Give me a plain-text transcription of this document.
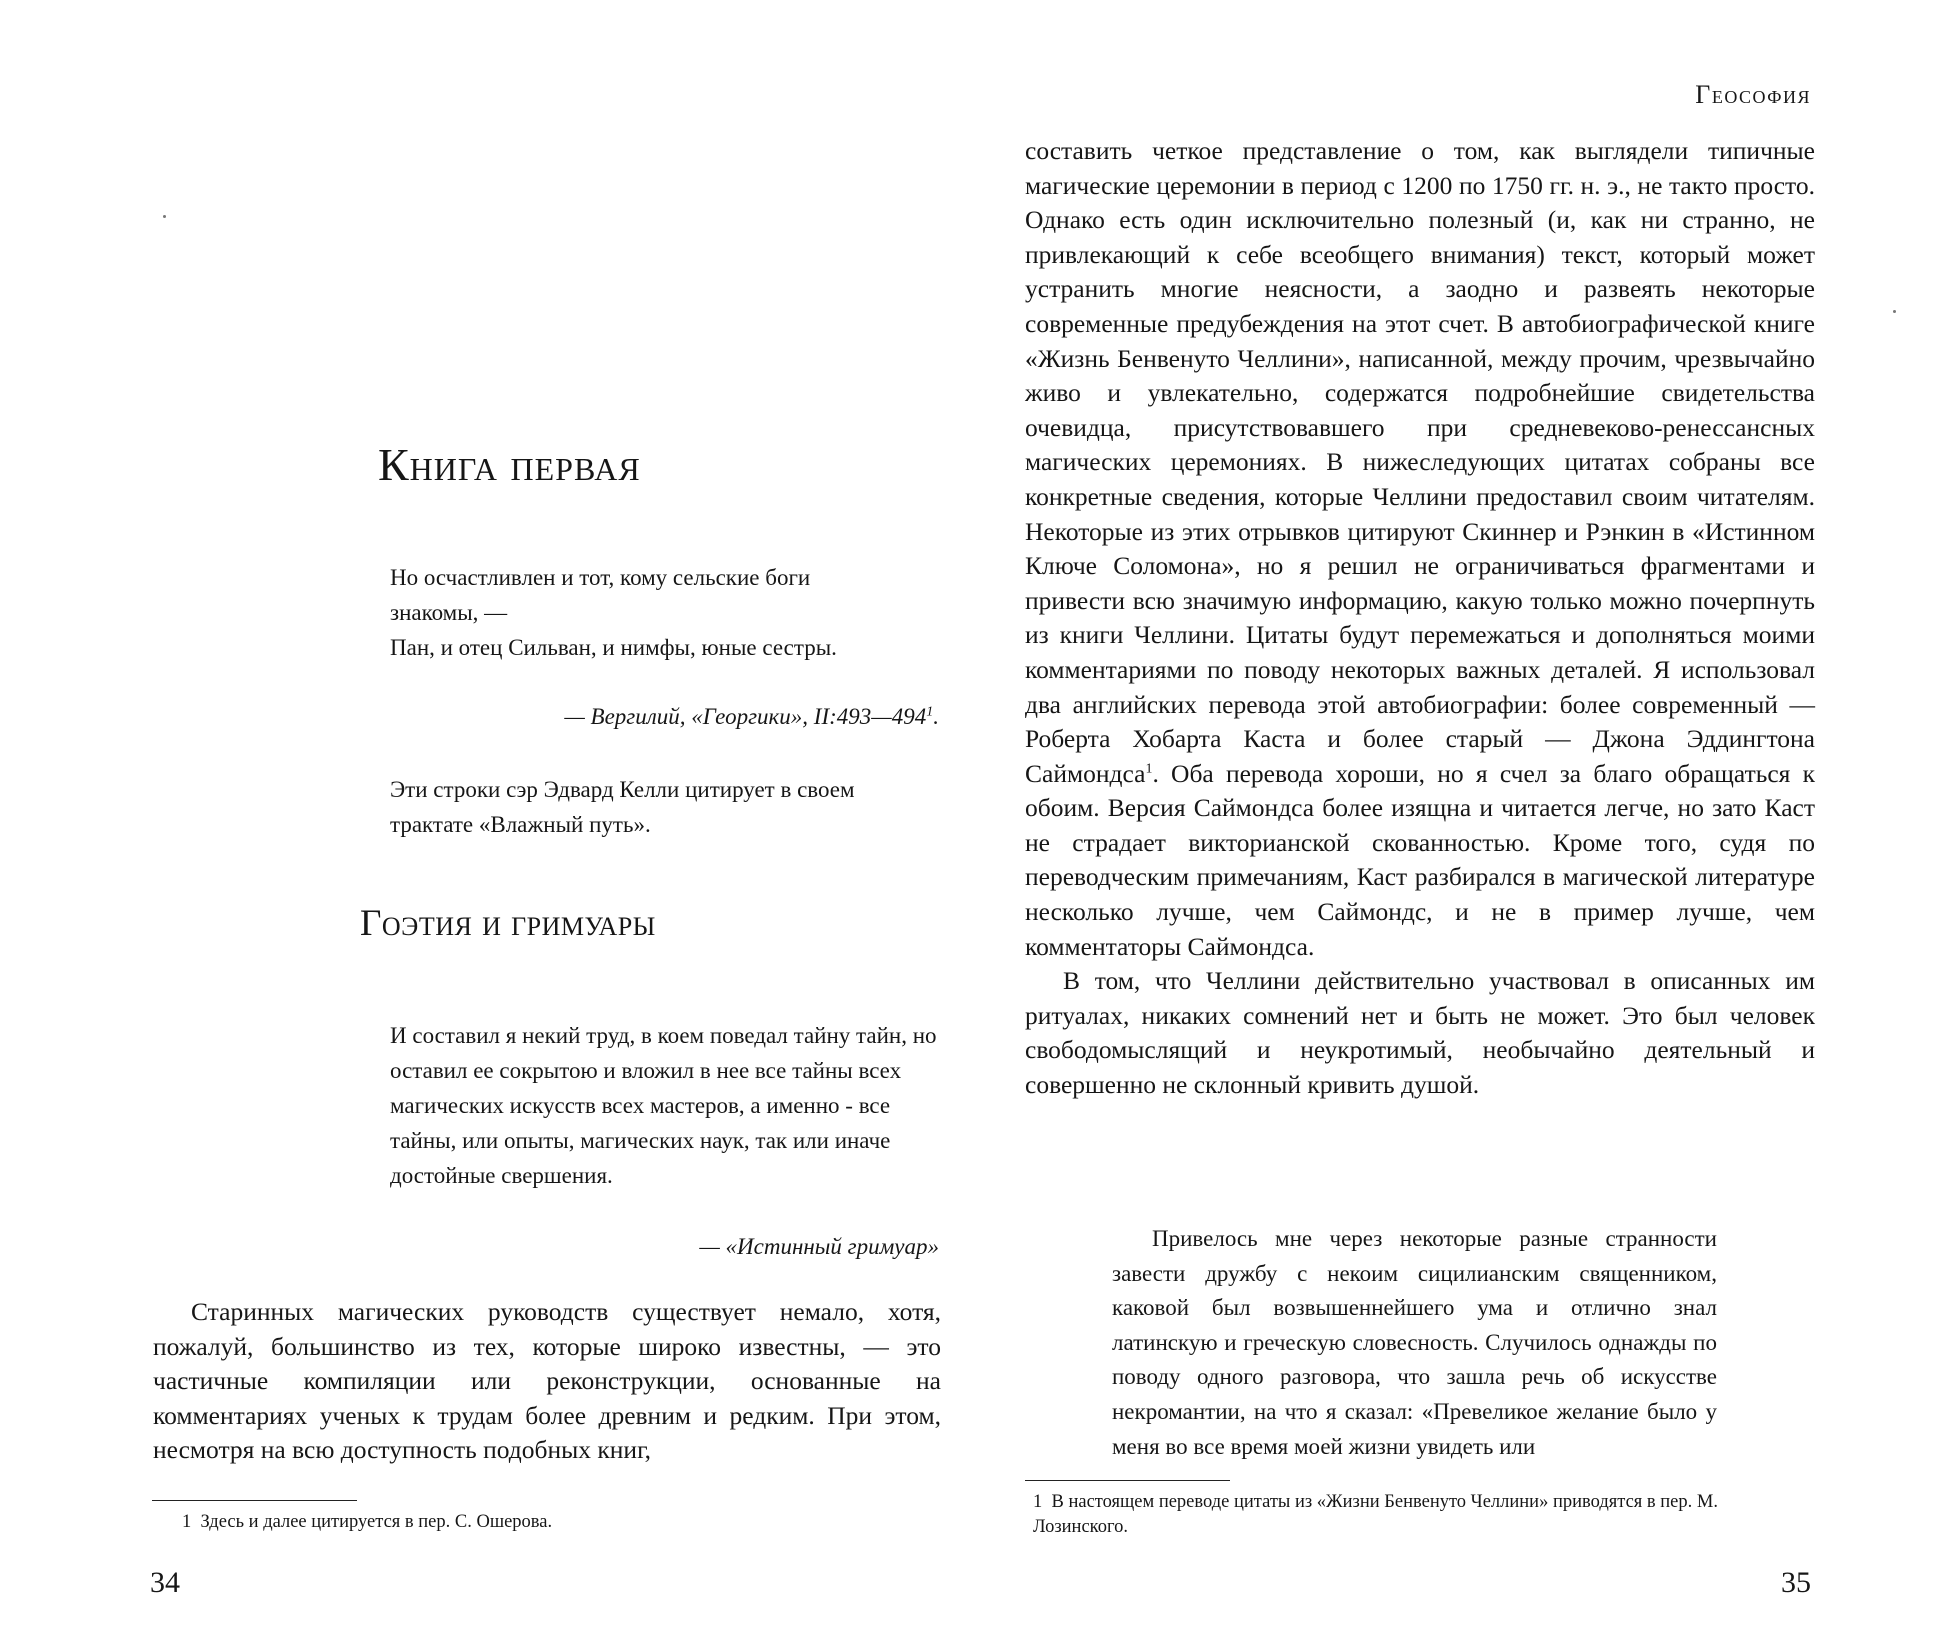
Книга первая

Но осчастливлен и тот, кому сельские боги
знакомы, —
Пан, и отец Сильван, и нимфы, юные сестры.

— Вергилий, «Георгики», $II:493—494^1$.

Эти строки сэр Эдвард Келли цитирует в своем трактате «Влажный путь».

Гоэтия и гримуары

И составил я некий труд, в коем поведал тайну тайн, но оставил ее сокрытою и вложил в нее все тайны всех магических искусств всех мастеров, а именно - все тайны, или опыты, магических наук, так или иначе достойные свершения.

— «Истинный гримуар»

Старинных магических руководств существует немало, хотя, пожалуй, большинство из тех, которые широко известны, — это частичные компиляции или реконструкции, основанные на комментариях ученых к трудам более древним и редким. При этом, несмотря на всю доступность подобных книг,

1 Здесь и далее цитируется в пер. С. Ошерова.

34
Геософия

составить четкое представление о том, как выглядели типичные магические церемонии в период с 1200 по 1750 гг. н. э., не такто просто. Однако есть один исключительно полезный (и, как ни странно, не привлекающий к себе всеобщего внимания) текст, который может устранить многие неясности, а заодно и развеять некоторые современные предубеждения на этот счет. В автобиографической книге «Жизнь Бенвенуто Челлини», написанной, между прочим, чрезвычайно живо и увлекательно, содержатся подробнейшие свидетельства очевидца, присутствовавшего при средневеково-ренессансных магических церемониях. В нижеследующих цитатах собраны все конкретные сведения, которые Челлини предоставил своим читателям. Некоторые из этих отрывков цитируют Скиннер и Рэнкин в «Истинном Ключе Соломона», но я решил не ограничиваться фрагментами и привести всю значимую информацию, какую только можно почерпнуть из книги Челлини. Цитаты будут перемежаться и дополняться моими комментариями по поводу некоторых важных деталей. Я использовал два английских перевода этой автобиографии: более современный — Роберта Хобарта Каста и более старый — Джона Эддингтона Саймондса$^1$. Оба перевода хороши, но я счел за благо обращаться к обоим. Версия Саймондса более изящна и читается легче, но зато Каст не страдает викторианской скованностью. Кроме того, судя по переводческим примечаниям, Каст разбирался в магической литературе несколько лучше, чем Саймондс, и не в пример лучше, чем комментаторы Саймондса.

В том, что Челлини действительно участвовал в описанных им ритуалах, никаких сомнений нет и быть не может. Это был человек свободомыслящий и неукротимый, необычайно деятельный и совершенно не склонный кривить душой.

Привелось мне через некоторые разные странности завести дружбу с некоим сицилианским священником, каковой был возвышеннейшего ума и отлично знал латинскую и греческую словесность. Случилось однажды по поводу одного разговора, что зашла речь об искусстве некромантии, на что я сказал: «Превеликое желание было у меня во все время моей жизни увидеть или

1 В настоящем переводе цитаты из «Жизни Бенвенуто Челлини» приводятся в пер. М. Лозинского.

35
